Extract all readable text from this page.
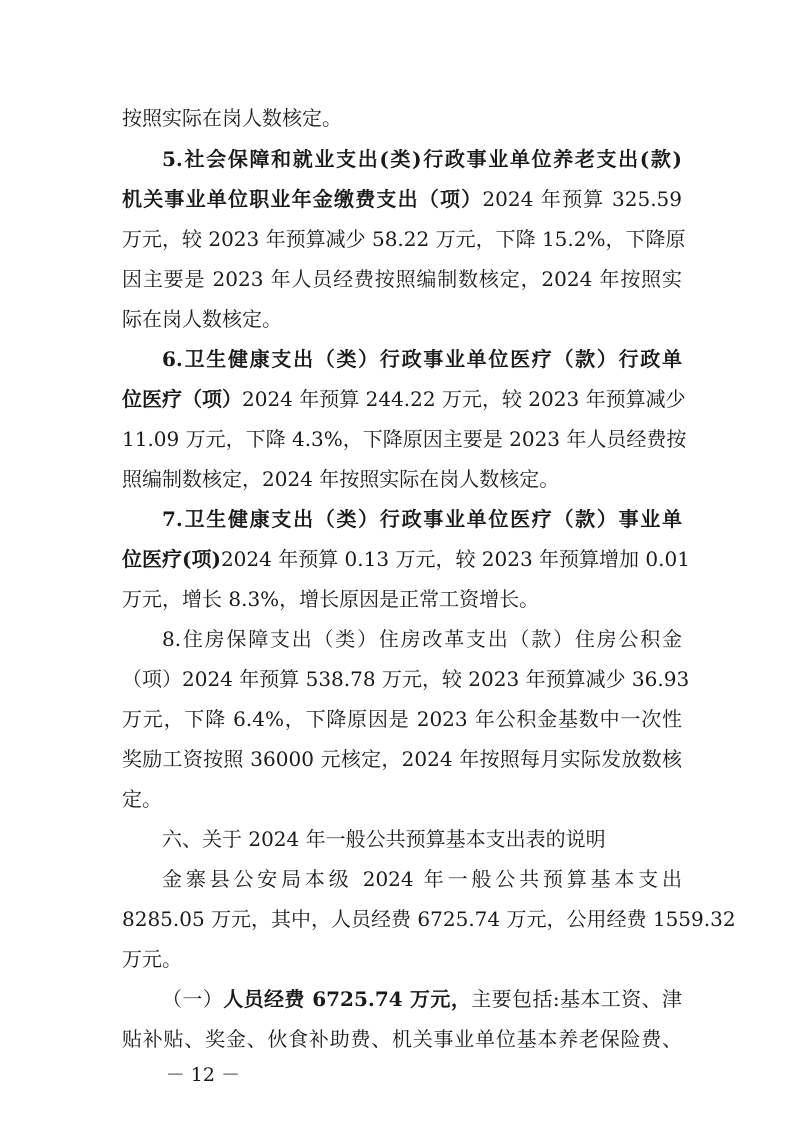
按照实际在岗人数核定。
5.社会保障和就业支出(类)行政事业单位养老支出(款)
机关事业单位职业年金缴费支出（项）2024 年预算 325.59
万元，较 2023 年预算减少 58.22 万元，下降 15.2%，下降原
因主要是 2023 年人员经费按照编制数核定，2024 年按照实
际在岗人数核定。
6.卫生健康支出（类）行政事业单位医疗（款）行政单
位医疗（项）2024 年预算 244.22 万元，较 2023 年预算减少
11.09 万元，下降 4.3%，下降原因主要是 2023 年人员经费按
照编制数核定，2024 年按照实际在岗人数核定。
7.卫生健康支出（类）行政事业单位医疗（款）事业单
位医疗(项)2024 年预算 0.13 万元，较 2023 年预算增加 0.01
万元，增长 8.3%，增长原因是正常工资增长。
8.住房保障支出（类）住房改革支出（款）住房公积金
（项）2024 年预算 538.78 万元，较 2023 年预算减少 36.93
万元，下降 6.4%，下降原因是 2023 年公积金基数中一次性
奖励工资按照 36000 元核定，2024 年按照每月实际发放数核
定。
六、关于 2024 年一般公共预算基本支出表的说明
金寨县公安局本级 2024 年一般公共预算基本支出
8285.05 万元，其中，人员经费 6725.74 万元，公用经费 1559.32
万元。
（一）人员经费 6725.74 万元，主要包括:基本工资、津
贴补贴、奖金、伙食补助费、机关事业单位基本养老保险费、
－ 12 －
